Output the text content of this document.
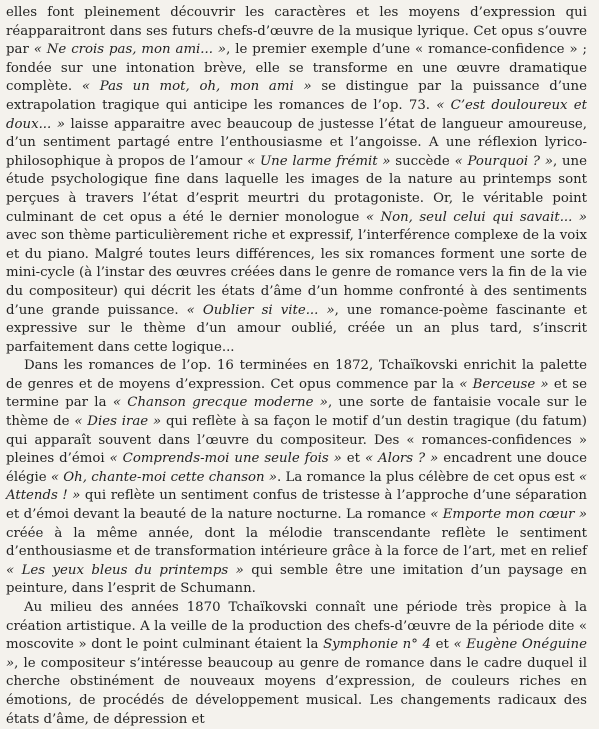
elles font pleinement découvrir les caractères et les moyens d’expression qui réapparaitront dans ses futurs chefs-d’œuvre de la musique lyrique. Cet opus s’ouvre par « Ne crois pas, mon ami... », le premier exemple d’une « romance-confidence » ; fondée sur une intonation brève, elle se transforme en une œuvre dramatique complète. « Pas un mot, oh, mon ami » se distingue par la puissance d’une extrapolation tragique qui anticipe les romances de l’op. 73. « C’est douloureux et doux... » laisse apparaitre avec beaucoup de justesse l’état de langueur amoureuse, d’un sentiment partagé entre l’enthousiasme et l’angoisse. A une réflexion lyrico-philosophique à propos de l’amour « Une larme frémit » succède « Pourquoi ? », une étude psychologique fine dans laquelle les images de la nature au printemps sont perçues à travers l’état d’esprit meurtri du protagoniste. Or, le véritable point culminant de cet opus a été le dernier monologue « Non, seul celui qui savait... » avec son thème particulièrement riche et expressif, l’interférence complexe de la voix et du piano. Malgré toutes leurs différences, les six romances forment une sorte de mini-cycle (à l’instar des œuvres créées dans le genre de romance vers la fin de la vie du compositeur) qui décrit les états d’âme d’un homme confronté à des sentiments d’une grande puissance. « Oublier si vite... », une romance-poème fascinante et expressive sur le thème d’un amour oublié, créée un an plus tard, s’inscrit parfaitement dans cette logique...

Dans les romances de l’op. 16 terminées en 1872, Tchaïkovski enrichit la palette de genres et de moyens d’expression. Cet opus commence par la « Berceuse » et se termine par la « Chanson grecque moderne », une sorte de fantaisie vocale sur le thème de « Dies irae » qui reflète à sa façon le motif d’un destin tragique (du fatum) qui apparaît souvent dans l’œuvre du compositeur. Des « romances-confidences » pleines d’émoi « Comprends-moi une seule fois » et « Alors ? » encadrent une douce élégie « Oh, chante-moi cette chanson ». La romance la plus célèbre de cet opus est « Attends ! » qui reflète un sentiment confus de tristesse à l’approche d’une séparation et d’émoi devant la beauté de la nature nocturne. La romance « Emporte mon cœur » créée à la même année, dont la mélodie transcendante reflète le sentiment d’enthousiasme et de transformation intérieure grâce à la force de l’art, met en relief « Les yeux bleus du printemps » qui semble être une imitation d’un paysage en peinture, dans l’esprit de Schumann.

Au milieu des années 1870 Tchaïkovski connaît une période très propice à la création artistique. A la veille de la production des chefs-d’œuvre de la période dite « moscovite » dont le point culminant étaient la Symphonie n° 4 et « Eugène Onéguine », le compositeur s’intéresse beaucoup au genre de romance dans le cadre duquel il cherche obstinément de nouveaux moyens d’expression, de couleurs riches en émotions, de procédés de développement musical. Les changements radicaux des états d’âme, de dépression et
